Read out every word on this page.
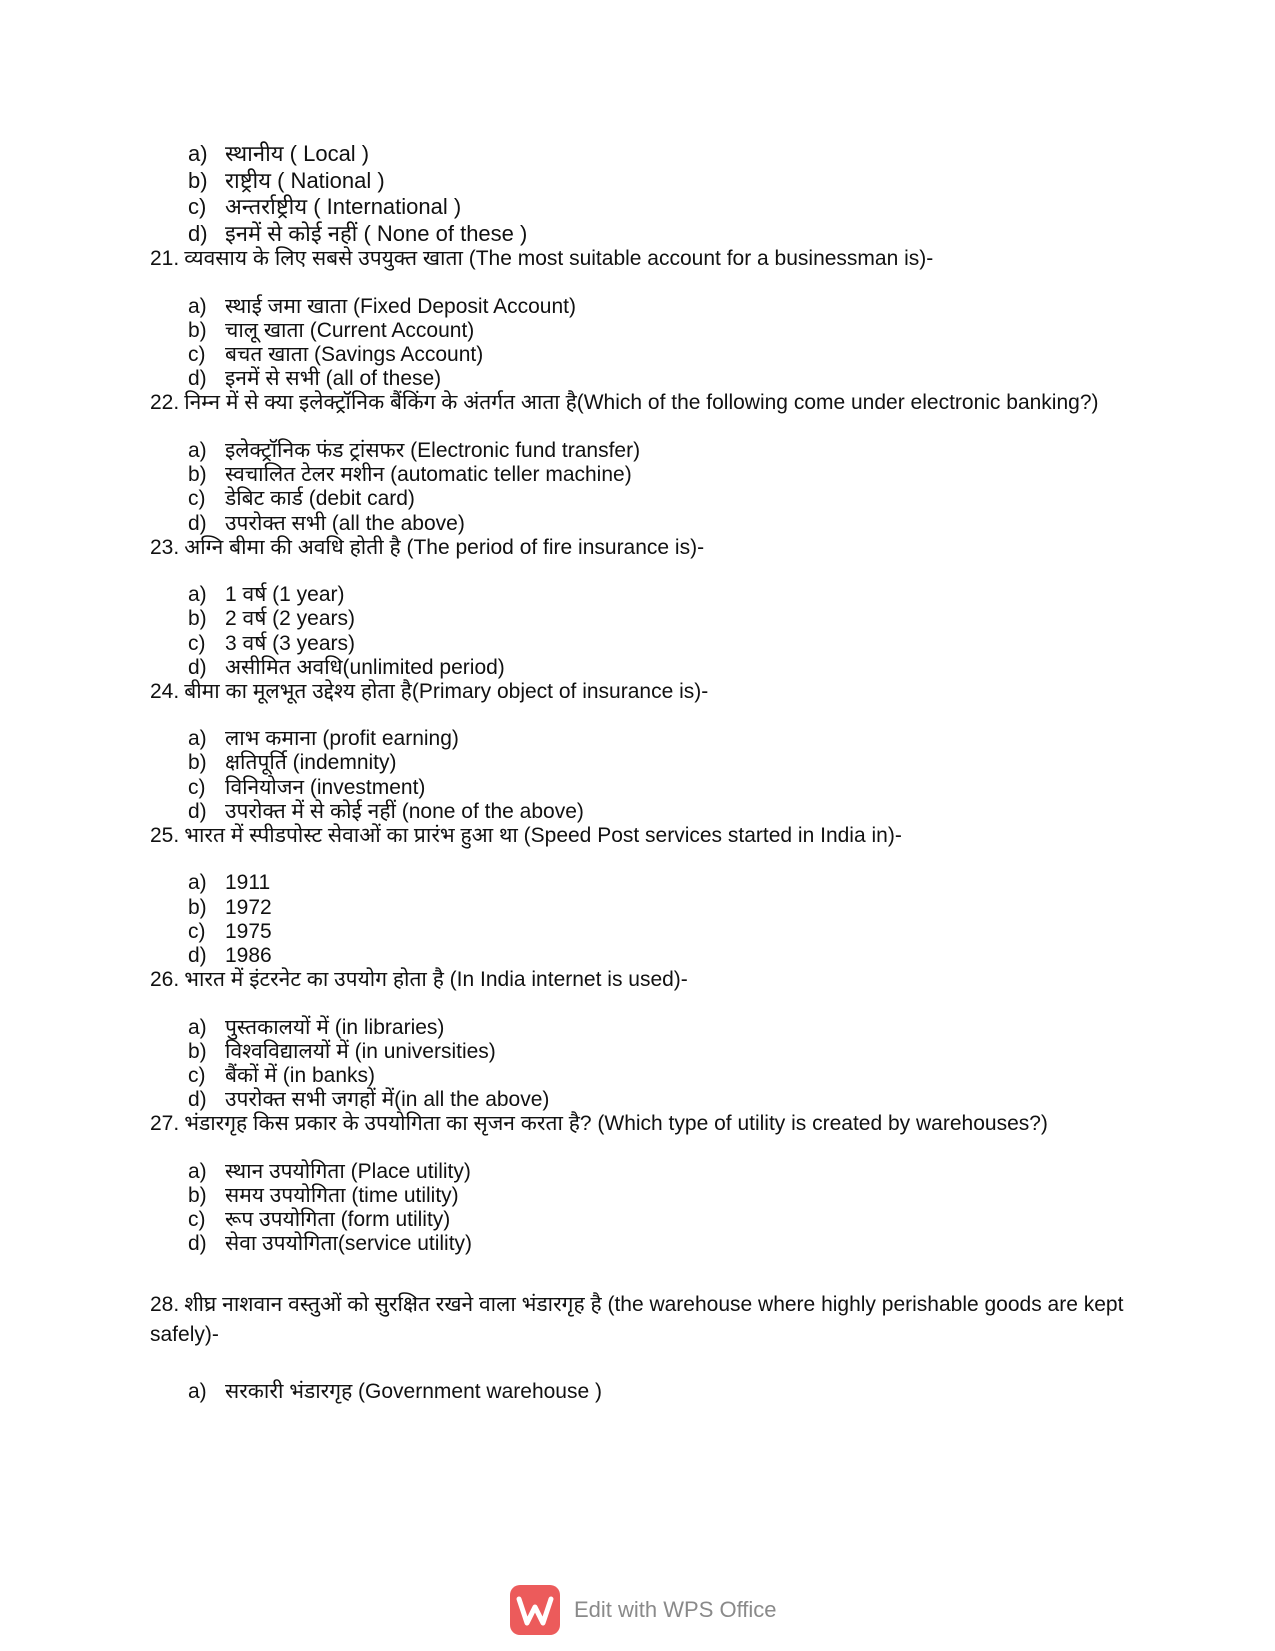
a) स्थानीय ( Local )
b) राष्ट्रीय ( National )
c) अन्तर्राष्ट्रीय ( International )
d) इनमें से कोई नहीं ( None of these )
21. व्यवसाय के लिए सबसे उपयुक्त खाता (The most suitable account for a businessman is)-
a) स्थाई जमा खाता (Fixed Deposit Account)
b) चालू खाता (Current Account)
c) बचत खाता (Savings Account)
d) इनमें से सभी (all of these)
22. निम्न में से क्या इलेक्ट्रॉनिक बैंकिंग के अंतर्गत आता है(Which of the following come under electronic banking?)
a) इलेक्ट्रॉनिक फंड ट्रांसफर (Electronic fund transfer)
b) स्वचालित टेलर मशीन (automatic teller machine)
c) डेबिट कार्ड (debit card)
d) उपरोक्त सभी (all the above)
23. अग्नि बीमा की अवधि होती है (The period of fire insurance is)-
a) 1 वर्ष (1 year)
b) 2 वर्ष (2 years)
c) 3 वर्ष (3 years)
d) असीमित अवधि(unlimited period)
24. बीमा का मूलभूत उद्देश्य होता है(Primary object of insurance is)-
a) लाभ कमाना (profit earning)
b) क्षतिपूर्ति (indemnity)
c) विनियोजन (investment)
d) उपरोक्त में से कोई नहीं (none of the above)
25. भारत में स्पीडपोस्ट सेवाओं का प्रारंभ हुआ था (Speed Post services started in India in)-
a) 1911
b) 1972
c) 1975
d) 1986
26. भारत में इंटरनेट का उपयोग होता है (In India internet is used)-
a) पुस्तकालयों में (in libraries)
b) विश्वविद्यालयों में (in universities)
c) बैंकों में (in banks)
d) उपरोक्त सभी जगहों में(in all the above)
27. भंडारगृह किस प्रकार के उपयोगिता का सृजन करता है? (Which type of utility is created by warehouses?)
a) स्थान उपयोगिता (Place utility)
b) समय उपयोगिता (time utility)
c) रूप उपयोगिता (form utility)
d) सेवा उपयोगिता(service utility)
28. शीघ्र नाशवान वस्तुओं को सुरक्षित रखने वाला भंडारगृह है (the warehouse where highly perishable goods are kept safely)-
a) सरकारी भंडारगृह (Government warehouse )
Edit with WPS Office
